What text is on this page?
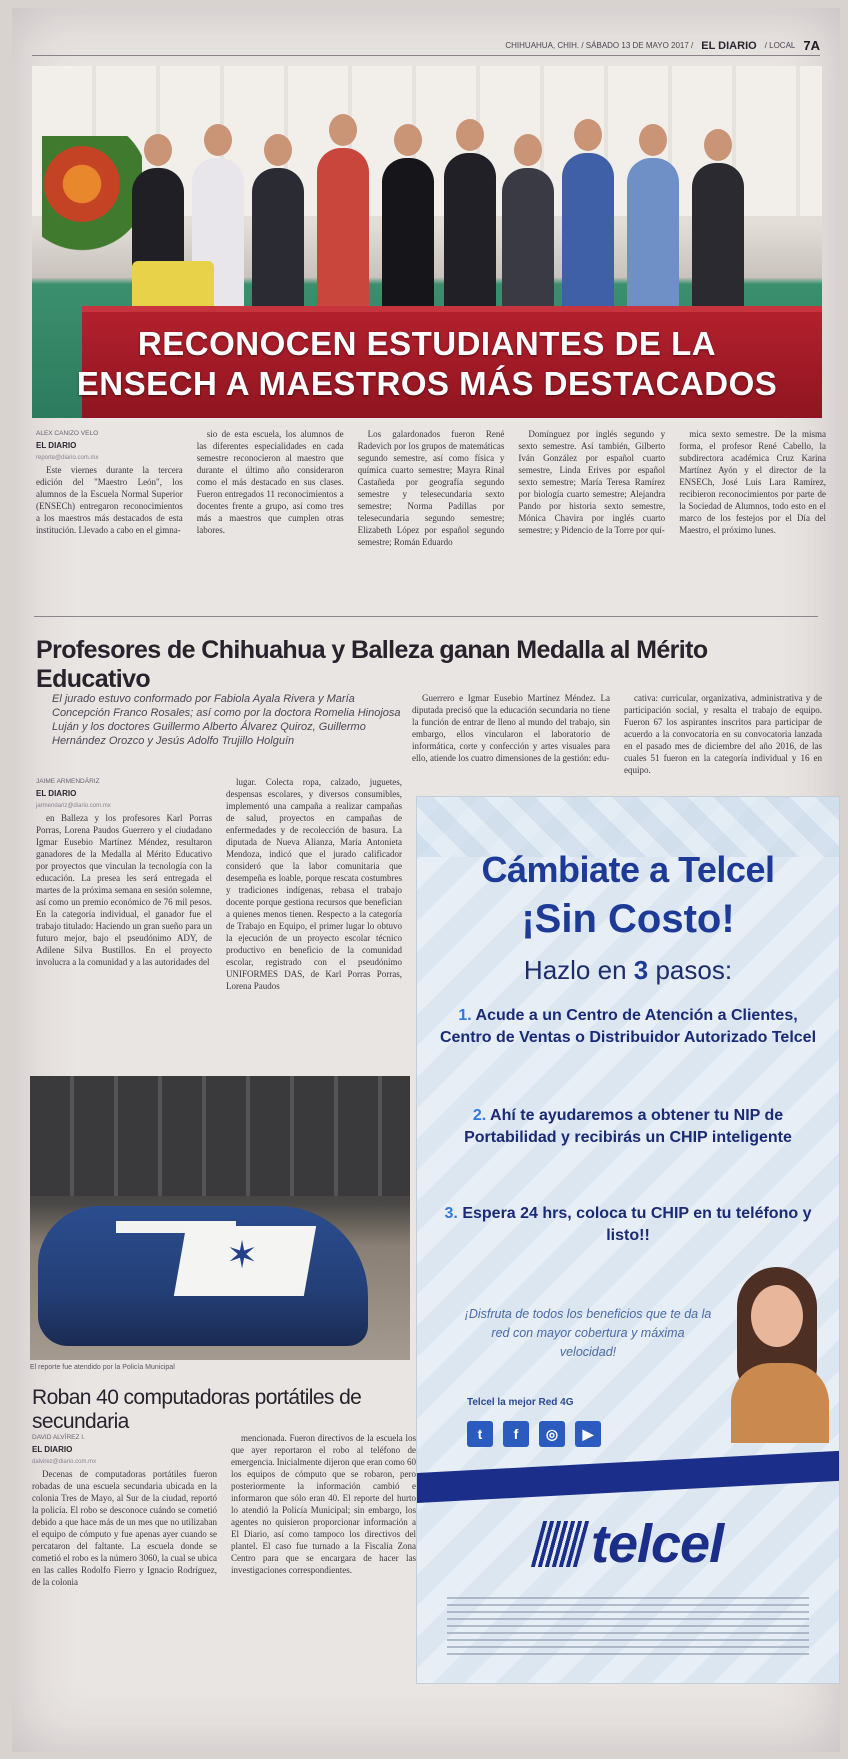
CHIHUAHUA, CHIH. / SÁBADO 13 DE MAYO 2017 / EL DIARIO / LOCAL 7A
RECONOCEN ESTUDIANTES DE LA
ENSECH A MAESTROS MÁS DESTACADOS
ALEX CANIZO VELO
EL DIARIO
reporte@diario.com.mx

Este viernes durante la tercera edición del "Maestro León", los alumnos de la Escuela Normal Superior (ENSECh) entregaron reconocimientos a los maestros más destacados de esta institución. Llevado a cabo en el gimna-

sio de esta escuela, los alumnos de las diferentes especialidades en cada semestre reconocieron al maestro que durante el último año consideraron como el más destacado en sus clases. Fueron entregados 11 reconocimientos a docentes frente a grupo, así como tres más a maestros que cumplen otras labores.

Los galardonados fueron René Radevich por los grupos de matemáticas segundo semestre, así como física y química cuarto semestre; Mayra Rinal Castañeda por geografía segundo semestre y telesecundaria sexto semestre; Norma Padillas por telesecundaria segundo semestre; Elizabeth López por español segundo semestre; Román Eduardo

Domínguez por inglés segundo y sexto semestre. Así también, Gilberto Iván González por español cuarto semestre, Linda Erives por español sexto semestre; María Teresa Ramírez por biología cuarto semestre; Alejandra Pando por historia sexto semestre, Mónica Chavira por inglés cuarto semestre; y Pidencio de la Torre por quí-

mica sexto semestre. De la misma forma, el profesor René Cabello, la subdirectora académica Cruz Karina Martínez Ayón y el director de la ENSECh, José Luis Lara Ramírez, recibieron reconocimientos por parte de la Sociedad de Alumnos, todo esto en el marco de los festejos por el Día del Maestro, el próximo lunes.

Profesores de Chihuahua y Balleza ganan Medalla al Mérito Educativo
El jurado estuvo conformado por Fabiola Ayala Rivera y María Concepción Franco Rosales; así como por la doctora Romelia Hinojosa Luján y los doctores Guillermo Alberto Álvarez Quiroz, Guillermo Hernández Orozco y Jesús Adolfo Trujillo Holguín

Guerrero e Igmar Eusebio Martínez Méndez. La diputada precisó que la educación secundaria no tiene la función de entrar de lleno al mundo del trabajo, sin embargo, ellos vincularon el laboratorio de informática, corte y confección y artes visuales para ello, atiende los cuatro dimensiones de la gestión: edu-

cativa: curricular, organizativa, administrativa y de participación social, y resalta el trabajo de equipo. Fueron 67 los aspirantes inscritos para participar de acuerdo a la convocatoria en su convocatoria lanzada en el pasado mes de diciembre del año 2016, de las cuales 51 fueron en la categoría individual y 16 en equipo.

JAIME ARMENDÁRIZ
EL DIARIO
jarmendariz@diario.com.mx

en Balleza y los profesores Karl Porras Porras, Lorena Paudos Guerrero y el ciudadano Igmar Eusebio Martínez Méndez, resultaron ganadores de la Medalla al Mérito Educativo por proyectos que vinculan la tecnología con la educación. La presea les será entregada el martes de la próxima semana en sesión solemne, así como un premio económico de 76 mil pesos. En la categoría individual, el ganador fue el trabajo titulado: Haciendo un gran sueño para un futuro mejor, bajo el pseudónimo ADY, de Adilene Silva Bustillos. En el proyecto involucra a la comunidad y a las autoridades del

lugar. Colecta ropa, calzado, juguetes, despensas escolares, y diversos consumibles, implementó una campaña a realizar campañas de salud, proyectos en campañas de enfermedades y de recolección de basura. La diputada de Nueva Alianza, María Antonieta Mendoza, indicó que el jurado calificador consideró que la labor comunitaria que desempeña es loable, porque rescata costumbres y tradiciones indígenas, rebasa el trabajo docente porque gestiona recursos que benefician a quienes menos tienen. Respecto a la categoría de Trabajo en Equipo, el primer lugar lo obtuvo la ejecución de un proyecto escolar técnico productivo en beneficio de la comunidad escolar, registrado con el pseudónimo UNIFORMES DAS, de Karl Porras Porras, Lorena Paudos

Cámbiate a Telcel
¡Sin Costo!
Hazlo en 3 pasos:
1. Acude a un Centro de Atención a Clientes, Centro de Ventas o Distribuidor Autorizado Telcel
2. Ahí te ayudaremos a obtener tu NIP de Portabilidad y recibirás un CHIP inteligente
3. Espera 24 hrs, coloca tu CHIP en tu teléfono y listo!!
¡Disfruta de todos los beneficios que te da la red con mayor cobertura y máxima velocidad!
Telcel la mejor Red 4G
t	f	◎	▶
telcel
✶
El reporte fue atendido por la Policía Municipal
Roban 40 computadoras portátiles de secundaria
DAVID ALVÍREZ I.
EL DIARIO
dalvirez@diario.com.mx

Decenas de computadoras portátiles fueron robadas de una escuela secundaria ubicada en la colonia Tres de Mayo, al Sur de la ciudad, reportó la policía. El robo se desconoce cuándo se cometió debido a que hace más de un mes que no utilizaban el equipo de cómputo y fue apenas ayer cuando se percataron del faltante. La escuela donde se cometió el robo es la número 3060, la cual se ubica en las calles Rodolfo Fierro y Ignacio Rodríguez, de la colonia

mencionada. Fueron directivos de la escuela los que ayer reportaron el robo al teléfono de emergencia. Inicialmente dijeron que eran como 60 los equipos de cómputo que se robaron, pero posteriormente la información cambió e informaron que sólo eran 40. El reporte del hurto lo atendió la Policía Municipal; sin embargo, los agentes no quisieron proporcionar información a El Diario, así como tampoco los directivos del plantel. El caso fue turnado a la Fiscalía Zona Centro para que se encargara de hacer las investigaciones correspondientes.
